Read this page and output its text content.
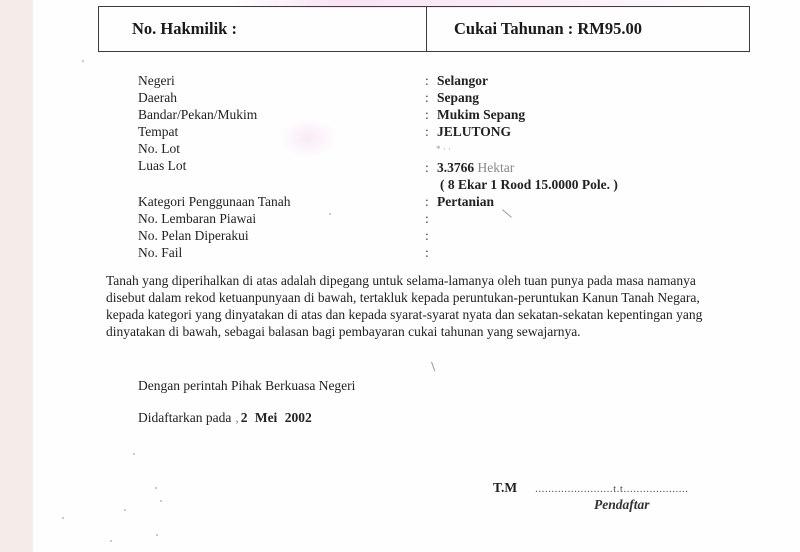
No. Hakmilik :	Cukai Tahunan : RM95.00
Negeri	: Selangor
Daerah	: Sepang
Bandar/Pekan/Mukim	: Mukim Sepang
Tempat	: JELUTONG
No. Lot	* · ·
Luas Lot	: 3.3766 Hektar
( 8 Ekar 1 Rood 15.0000 Pole. )
Kategori Penggunaan Tanah	: Pertanian
No. Lembaran Piawai	:
No. Pelan Diperakui	:
No. Fail	:
Tanah yang diperihalkan di atas adalah dipegang untuk selama-lamanya oleh tuan punya pada masa namanya
disebut dalam rekod ketuanpunyaan di bawah, tertakluk kepada peruntukan-peruntukan Kanun Tanah Negara,
kepada kategori yang dinyatakan di atas dan kepada syarat-syarat nyata dan sekatan-sekatan kepentingan yang
dinyatakan di bawah, sebagai balasan bagi pembayaran cukai tahunan yang sewajarnya.
Dengan perintah Pihak Berkuasa Negeri
Didaftarkan pada , 2 Mei 2002
T.M ........................t.t....................
Pendaftar
